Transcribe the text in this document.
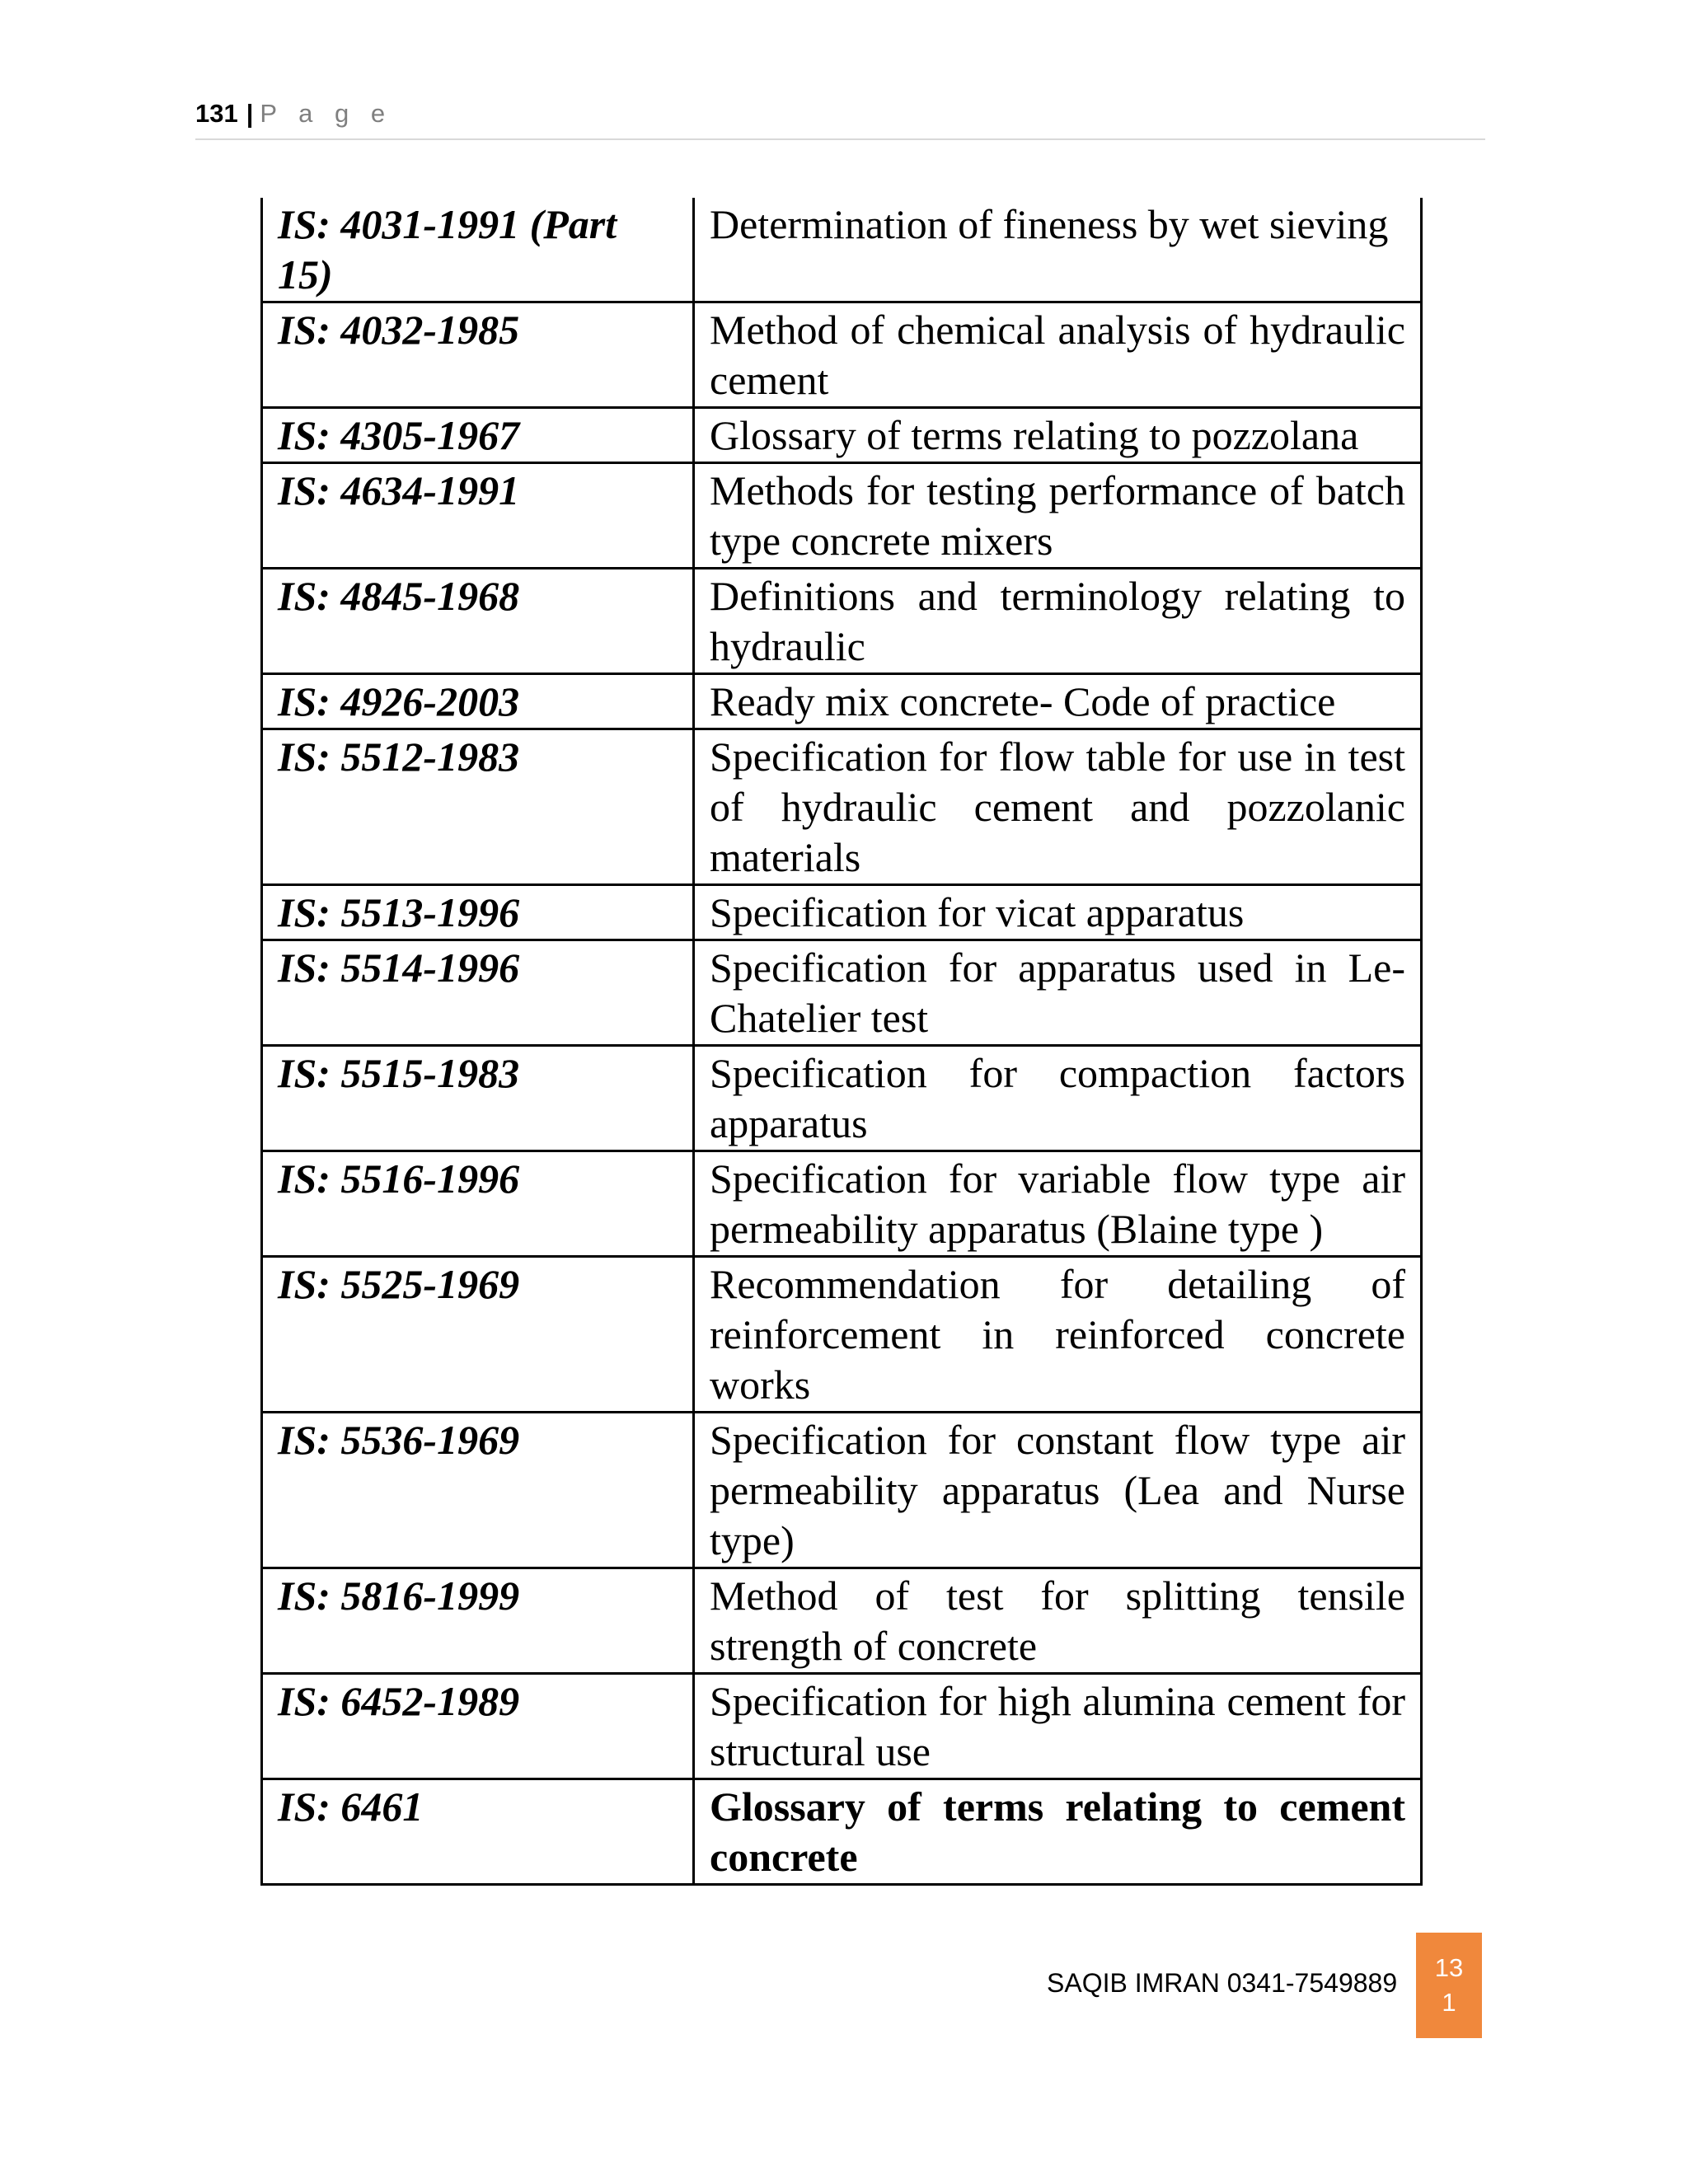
131 | P a g e
IS: 4031-1991 (Part 15)	Determination of fineness by wet sieving
IS: 4032-1985	Method of chemical analysis of hydraulic cement
IS: 4305-1967	Glossary of terms relating to pozzolana
IS: 4634-1991	Methods for testing performance of batch type concrete mixers
IS: 4845-1968	Definitions and terminology relating to hydraulic
IS: 4926-2003	Ready mix concrete- Code of practice
IS: 5512-1983	Specification for flow table for use in test of hydraulic cement and pozzolanic materials
IS: 5513-1996	Specification for vicat apparatus
IS: 5514-1996	Specification for apparatus used in Le-Chatelier test
IS: 5515-1983	Specification for compaction factors apparatus
IS: 5516-1996	Specification for variable flow type air permeability apparatus (Blaine type )
IS: 5525-1969	Recommendation for detailing of reinforcement in reinforced concrete works
IS: 5536-1969	Specification for constant flow type air permeability apparatus (Lea and Nurse type)
IS: 5816-1999	Method of test for splitting tensile strength of concrete
IS: 6452-1989	Specification for high alumina cement for structural use
IS: 6461	Glossary of terms relating to cement concrete
SAQIB IMRAN 0341-7549889
13
1
